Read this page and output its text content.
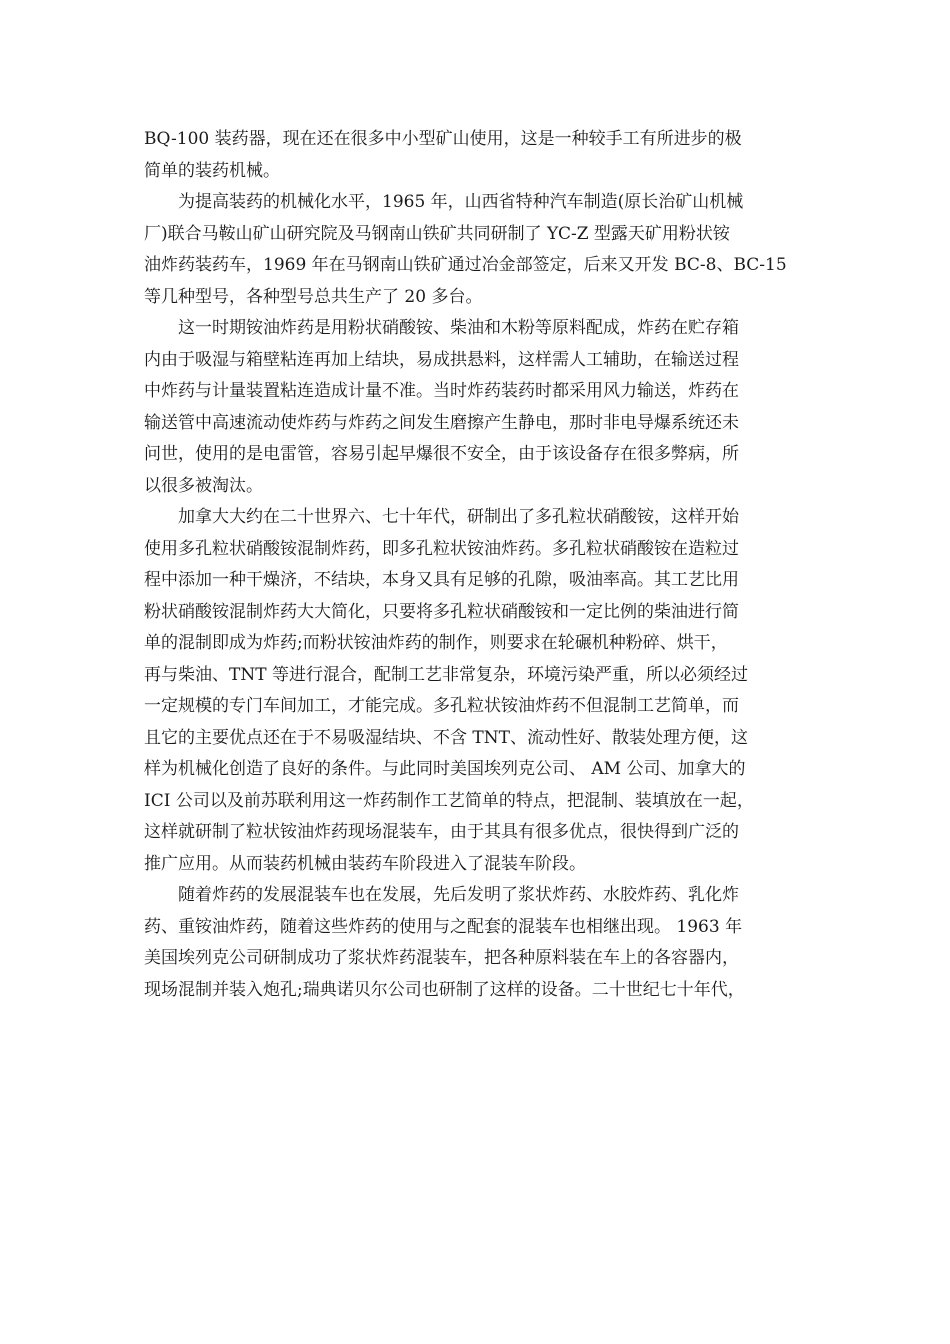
BQ-100 装药器，现在还在很多中小型矿山使用，这是一种较手工有所进步的极
简单的装药机械。

为提高装药的机械化水平，1965 年，山西省特种汽车制造(原长治矿山机械
厂)联合马鞍山矿山研究院及马钢南山铁矿共同研制了 YC-Z 型露天矿用粉状铵
油炸药装药车，1969 年在马钢南山铁矿通过冶金部签定，后来又开发 BC-8、BC-15
等几种型号，各种型号总共生产了 20 多台。

这一时期铵油炸药是用粉状硝酸铵、柴油和木粉等原料配成，炸药在贮存箱
内由于吸湿与箱壁粘连再加上结块，易成拱悬料，这样需人工辅助，在输送过程
中炸药与计量装置粘连造成计量不准。当时炸药装药时都采用风力输送，炸药在
输送管中高速流动使炸药与炸药之间发生磨擦产生静电，那时非电导爆系统还未
问世，使用的是电雷管，容易引起早爆很不安全，由于该设备存在很多弊病，所
以很多被淘汰。

加拿大大约在二十世界六、七十年代，研制出了多孔粒状硝酸铵，这样开始
使用多孔粒状硝酸铵混制炸药，即多孔粒状铵油炸药。多孔粒状硝酸铵在造粒过
程中添加一种干燥济，不结块，本身又具有足够的孔隙，吸油率高。其工艺比用
粉状硝酸铵混制炸药大大简化，只要将多孔粒状硝酸铵和一定比例的柴油进行简
单的混制即成为炸药;而粉状铵油炸药的制作，则要求在轮碾机种粉碎、烘干，
再与柴油、TNT 等进行混合，配制工艺非常复杂，环境污染严重，所以必须经过
一定规模的专门车间加工，才能完成。多孔粒状铵油炸药不但混制工艺简单，而
且它的主要优点还在于不易吸湿结块、不含 TNT、流动性好、散装处理方便，这
样为机械化创造了良好的条件。与此同时美国埃列克公司、 AM 公司、加拿大的
ICI 公司以及前苏联利用这一炸药制作工艺简单的特点，把混制、装填放在一起，
这样就研制了粒状铵油炸药现场混装车，由于其具有很多优点，很快得到广泛的
推广应用。从而装药机械由装药车阶段进入了混装车阶段。

随着炸药的发展混装车也在发展，先后发明了浆状炸药、水胶炸药、乳化炸
药、重铵油炸药，随着这些炸药的使用与之配套的混装车也相继出现。 1963 年
美国埃列克公司研制成功了浆状炸药混装车，把各种原料装在车上的各容器内，
现场混制并装入炮孔;瑞典诺贝尔公司也研制了这样的设备。二十世纪七十年代，
